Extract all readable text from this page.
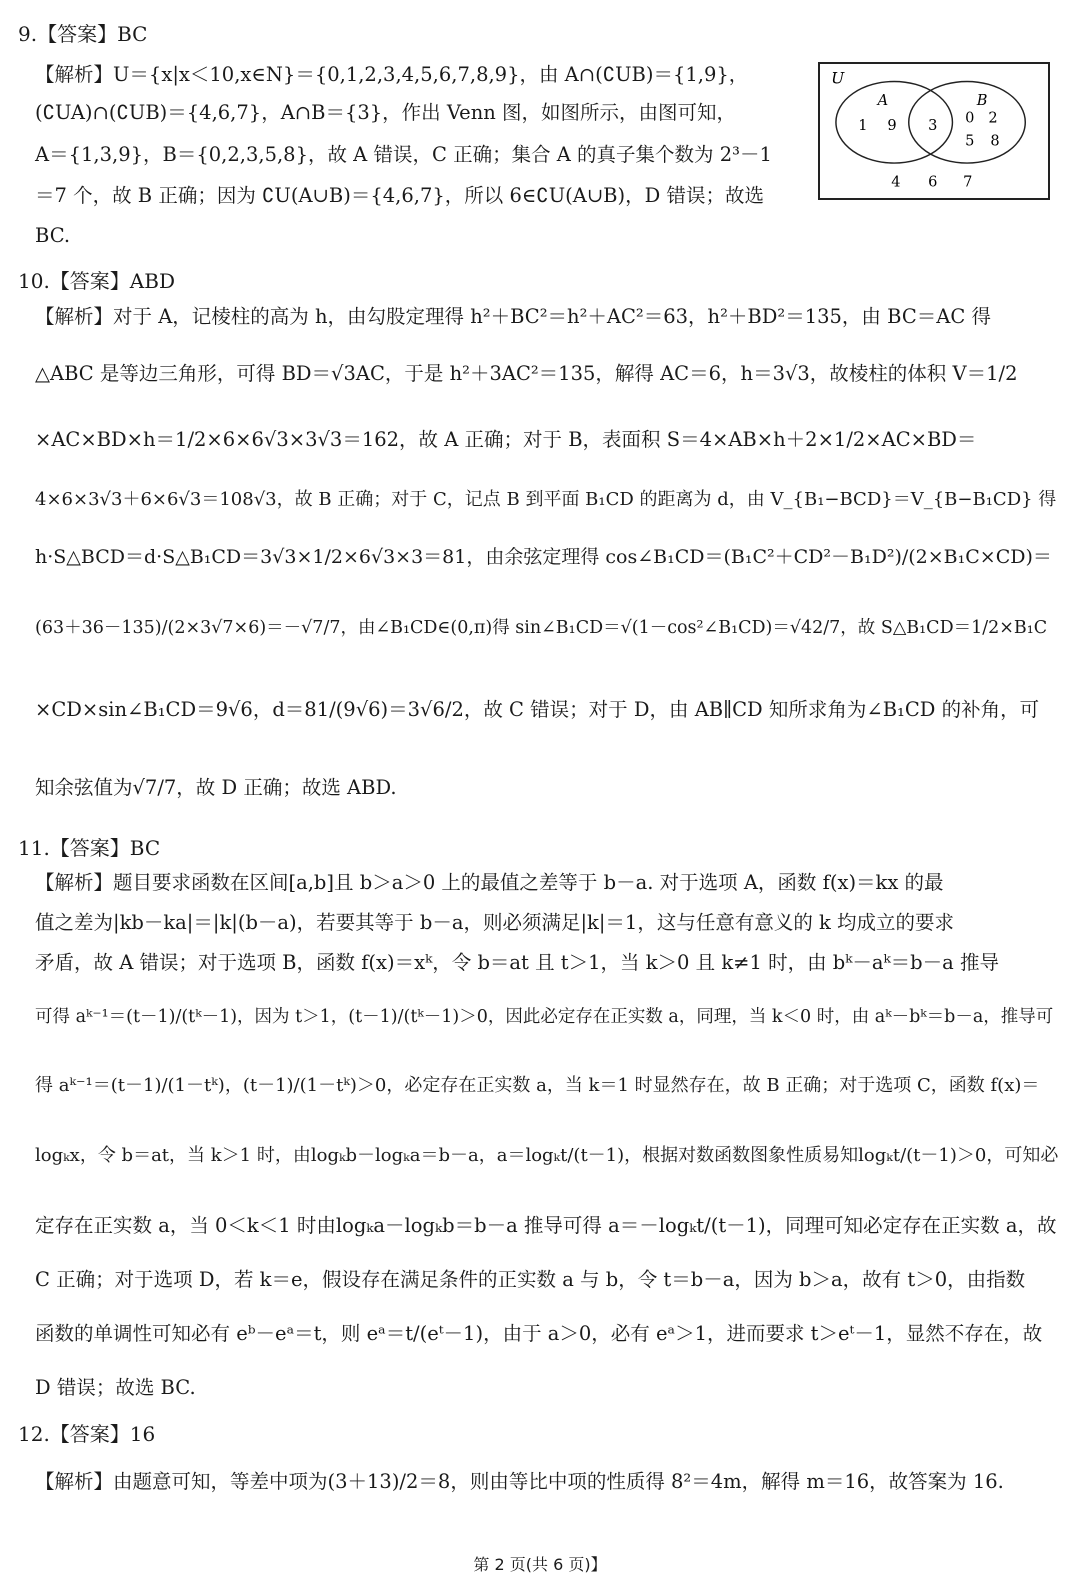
9.【答案】BC
【解析】U＝{x|x＜10,x∈N}＝{0,1,2,3,4,5,6,7,8,9}，由 A∩(∁UB)＝{1,9}，
(∁UA)∩(∁UB)＝{4,6,7}，A∩B＝{3}，作出 Venn 图，如图所示，由图可知，
A＝{1,3,9}，B＝{0,2,3,5,8}，故 A 错误，C 正确；集合 A 的真子集个数为 2³－1
＝7 个，故 B 正确；因为 ∁U(A∪B)＝{4,6,7}，所以 6∈∁U(A∪B)，D 错误；故选
BC.
U
A	B
1 9 3 0 2
5 8
4 6 7
10.【答案】ABD
【解析】对于 A，记棱柱的高为 h，由勾股定理得 h²＋BC²＝h²＋AC²＝63，h²＋BD²＝135，由 BC＝AC 得
△ABC 是等边三角形，可得 BD＝√3AC，于是 h²＋3AC²＝135，解得 AC＝6，h＝3√3，故棱柱的体积 V＝1/2
×AC×BD×h＝1/2×6×6√3×3√3＝162，故 A 正确；对于 B，表面积 S＝4×AB×h＋2×1/2×AC×BD＝
4×6×3√3＋6×6√3＝108√3，故 B 正确；对于 C，记点 B 到平面 B₁CD 的距离为 d，由 V_{B₁−BCD}＝V_{B−B₁CD} 得
h·S△BCD＝d·S△B₁CD＝3√3×1/2×6√3×3＝81，由余弦定理得 cos∠B₁CD＝(B₁C²＋CD²－B₁D²)/(2×B₁C×CD)＝
(63＋36－135)/(2×3√7×6)＝－√7/7，由∠B₁CD∈(0,π)得 sin∠B₁CD＝√(1－cos²∠B₁CD)＝√42/7，故 S△B₁CD＝1/2×B₁C
×CD×sin∠B₁CD＝9√6，d＝81/(9√6)＝3√6/2，故 C 错误；对于 D，由 AB∥CD 知所求角为∠B₁CD 的补角，可
知余弦值为√7/7，故 D 正确；故选 ABD.
11.【答案】BC
【解析】题目要求函数在区间[a,b]且 b＞a＞0 上的最值之差等于 b－a. 对于选项 A，函数 f(x)＝kx 的最
值之差为|kb－ka|＝|k|(b－a)，若要其等于 b－a，则必须满足|k|＝1，这与任意有意义的 k 均成立的要求
矛盾，故 A 错误；对于选项 B，函数 f(x)＝xᵏ，令 b＝at 且 t＞1，当 k＞0 且 k≠1 时，由 bᵏ－aᵏ＝b－a 推导
可得 aᵏ⁻¹＝(t－1)/(tᵏ－1)，因为 t＞1，(t－1)/(tᵏ－1)＞0，因此必定存在正实数 a，同理，当 k＜0 时，由 aᵏ－bᵏ＝b－a，推导可
得 aᵏ⁻¹＝(t－1)/(1－tᵏ)，(t－1)/(1－tᵏ)＞0，必定存在正实数 a，当 k＝1 时显然存在，故 B 正确；对于选项 C，函数 f(x)＝
logₖx，令 b＝at，当 k＞1 时，由logₖb－logₖa＝b－a，a＝logₖt/(t－1)，根据对数函数图象性质易知logₖt/(t－1)＞0，可知必
定存在正实数 a，当 0＜k＜1 时由logₖa－logₖb＝b－a 推导可得 a＝－logₖt/(t－1)，同理可知必定存在正实数 a，故
C 正确；对于选项 D，若 k＝e，假设存在满足条件的正实数 a 与 b，令 t＝b－a，因为 b＞a，故有 t＞0，由指数
函数的单调性可知必有 eᵇ－eᵃ＝t，则 eᵃ＝t/(eᵗ－1)，由于 a＞0，必有 eᵃ＞1，进而要求 t＞eᵗ－1，显然不存在，故
D 错误；故选 BC.
12.【答案】16
【解析】由题意可知，等差中项为(3＋13)/2＝8，则由等比中项的性质得 8²＝4m，解得 m＝16，故答案为 16.
第 2 页(共 6 页)】
